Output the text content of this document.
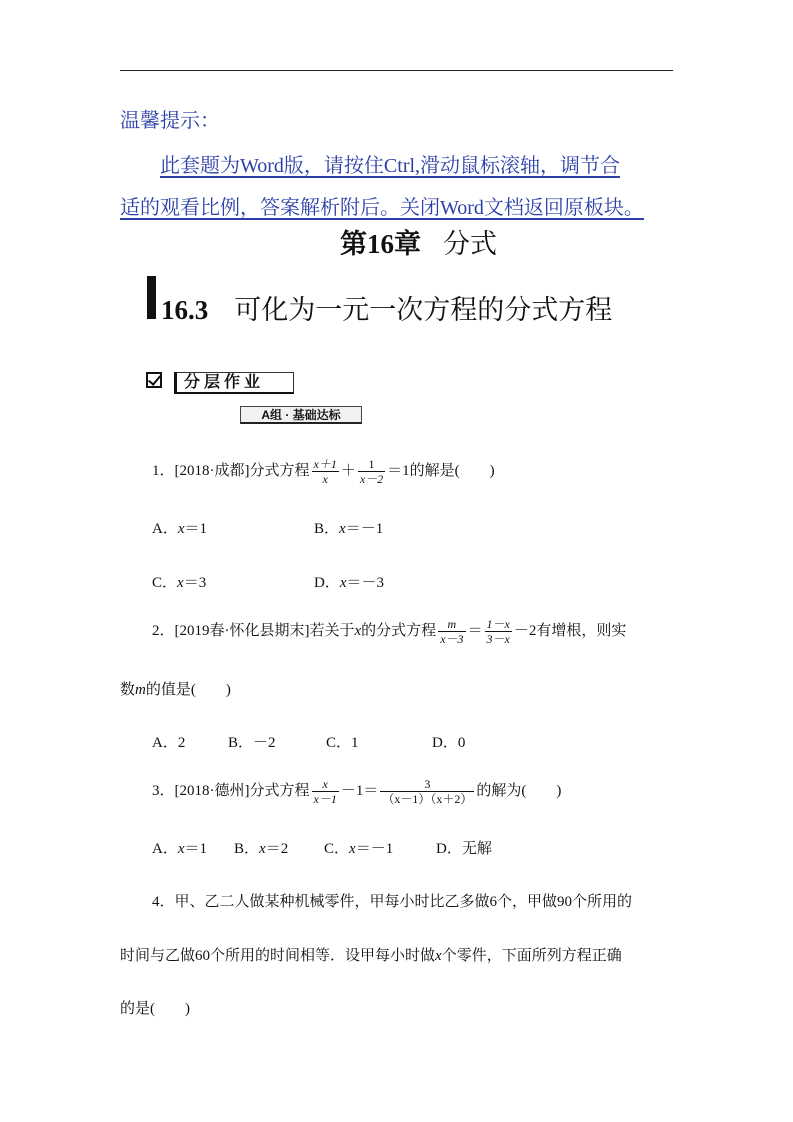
温馨提示：
此套题为Word版，请按住Ctrl,滑动鼠标滚轴，调节合
适的观看比例，答案解析附后。关闭Word文档返回原板块。
第16章 分式
16.3 可化为一元一次方程的分式方程
分层作业
A组 · 基础达标
1．[2018·成都]分式方程 $\frac{x+1}{x} + \frac{1}{x-2} =1$的解是(　　)
A．x＝1	B．x＝－1
C．x＝3	D．x＝－3
2．[2019春·怀化县期末]若关于x的分式方程 $\frac{m}{x-3} = \frac{1-x}{3-x} -2$有增根，则实
数m的值是(　　)
A．2	B．－2	C．1	D．0
3．[2018·德州]分式方程 $\frac{x}{x-1} -1= \frac{3}{(x-1)(x+2)}$ 的解为(　　)
A．x＝1 B．x＝2 C．x＝－1	D．无解
4．甲、乙二人做某种机械零件，甲每小时比乙多做6个，甲做90个所用的
时间与乙做60个所用的时间相等．设甲每小时做x个零件，下面所列方程正确
的是(　　)
